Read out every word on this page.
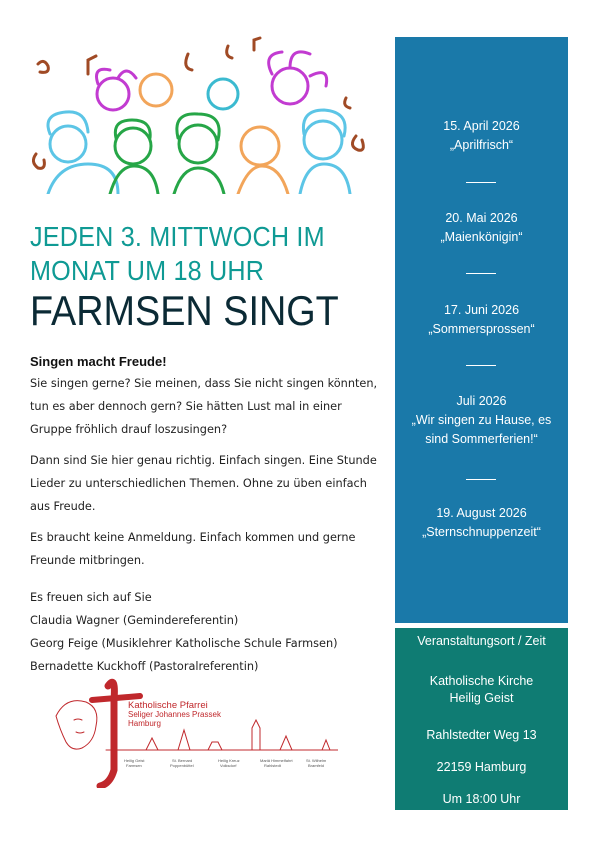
JEDEN 3. MITTWOCH IM
MONAT UM 18 UHR
FARMSEN SINGT
Singen macht Freude!
Sie singen gerne? Sie meinen, dass Sie nicht singen könnten, tun es aber dennoch gern? Sie hätten Lust mal in einer Gruppe fröhlich drauf loszusingen?
Dann sind Sie hier genau richtig. Einfach singen. Eine Stunde Lieder zu unterschiedlichen Themen. Ohne zu üben einfach aus Freude.
Es braucht keine Anmeldung. Einfach kommen und gerne Freunde mitbringen.
Es freuen sich auf Sie
Claudia Wagner (Gemindereferentin)
Georg Feige (Musiklehrer Katholische Schule Farmsen)
Bernadette Kuckhoff (Pastoralreferentin)
Heilig Geist	St. Bernard	Heilig Kreuz	Mariä Himmelfahrt	St. Wilhelm
Farmsen	Poppenbüttel	Volksdorf	Rahlstedt	Bramfeld
Katholische Pfarrei
Seliger Johannes Prassek
Hamburg
15. April 2026
„Aprilfrisch“
20. Mai 2026
„Maienkönigin“
17. Juni 2026
„Sommersprossen“
Juli 2026
„Wir singen zu Hause, es sind Sommerferien!“
19. August 2026
„Sternschnuppenzeit“
Veranstaltungsort / Zeit
Katholische Kirche
Heilig Geist
Rahlstedter Weg 13
22159 Hamburg
Um 18:00 Uhr
